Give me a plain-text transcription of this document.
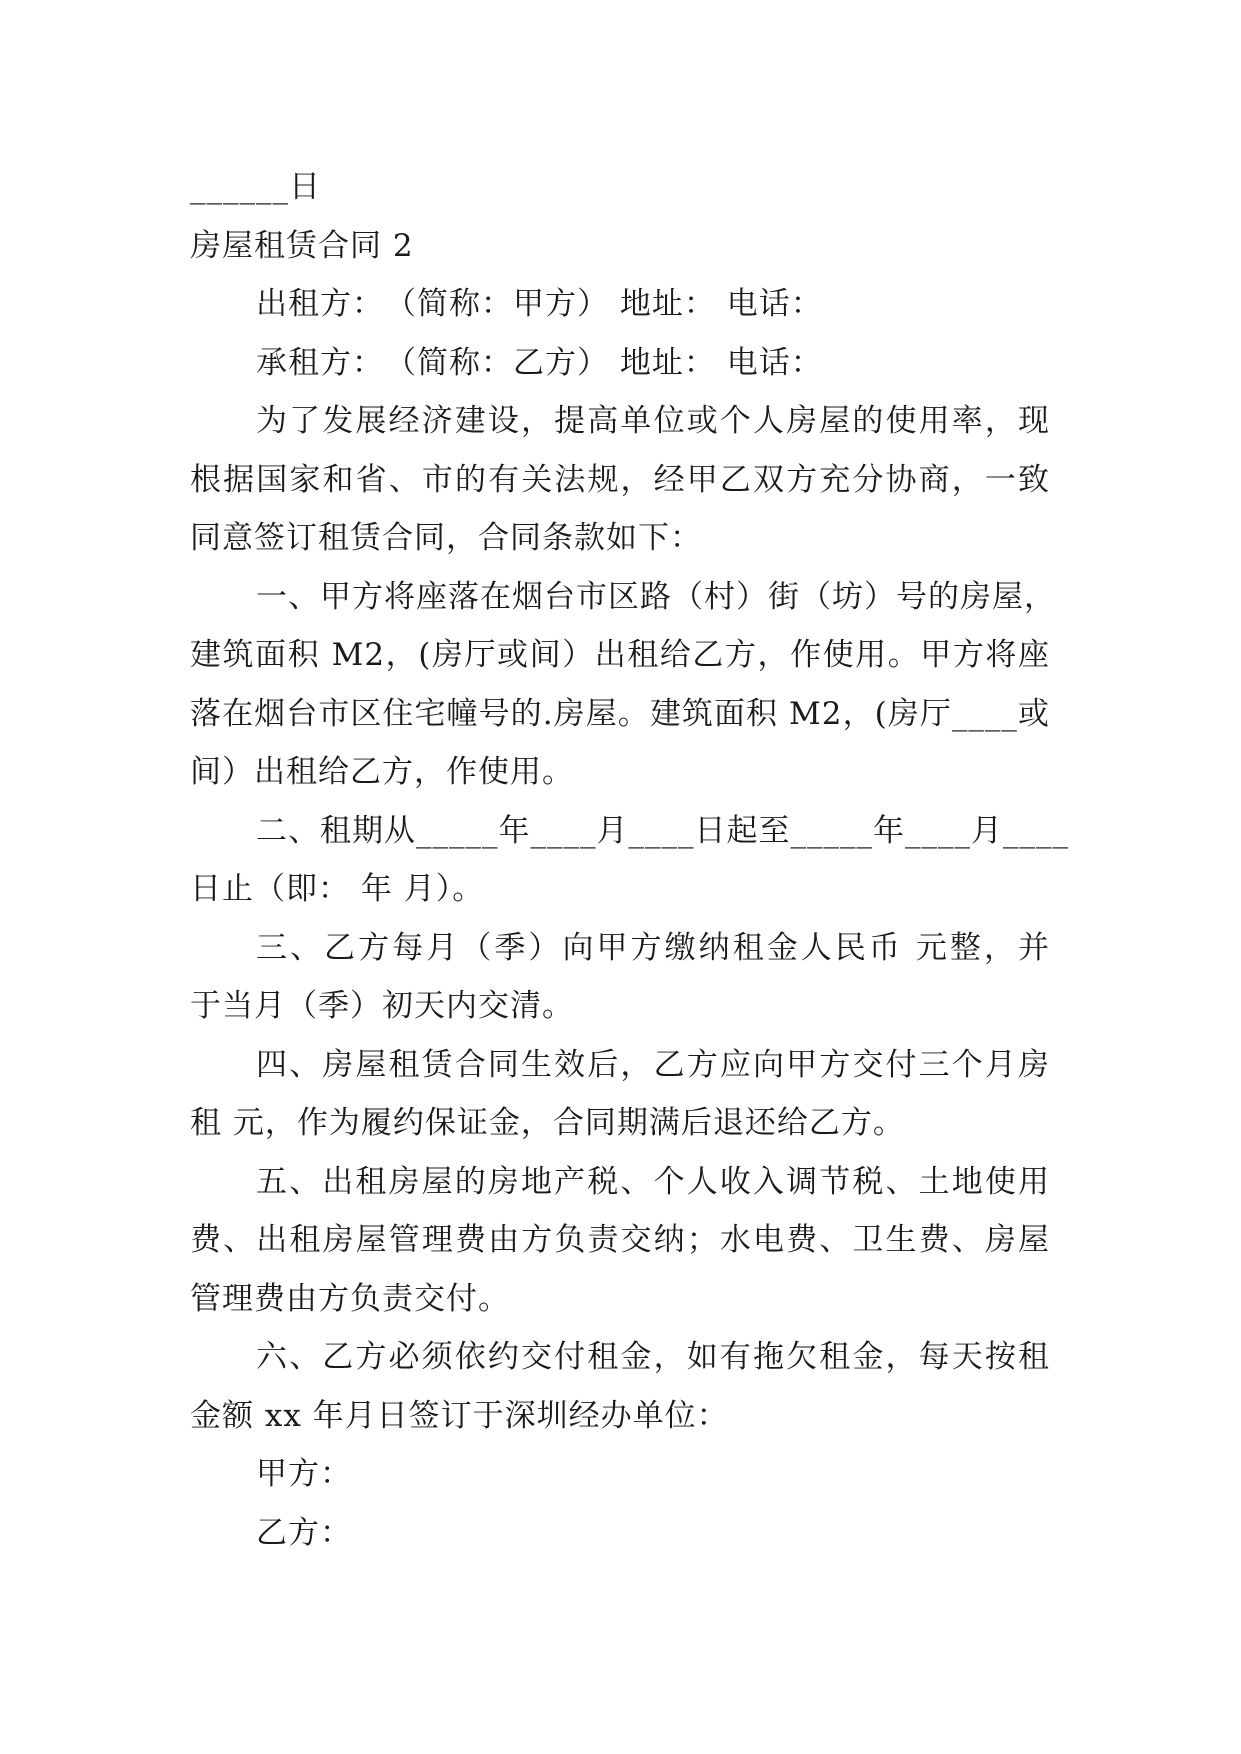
______日
房屋租赁合同 2
出租方：　（简称：甲方） 地址： 电话：
承租方：　（简称：乙方） 地址： 电话：
为了发展经济建设，提高单位或个人房屋的使用率，现
根据国家和省、市的有关法规，经甲乙双方充分协商，一致
同意签订租赁合同，合同条款如下：
一、甲方将座落在烟台市区路（村）街（坊）号的房屋，
建筑面积 M2，(房厅或间）出租给乙方，作使用。甲方将座
落在烟台市区住宅幢号的.房屋。建筑面积 M2，(房厅____或
间）出租给乙方，作使用。
二、租期从_____年____月____日起至_____年____月____
日止（即： 年 月）。
三、乙方每月（季）向甲方缴纳租金人民币 元整，并
于当月（季）初天内交清。
四、房屋租赁合同生效后，乙方应向甲方交付三个月房
租 元，作为履约保证金，合同期满后退还给乙方。
五、出租房屋的房地产税、个人收入调节税、土地使用
费、出租房屋管理费由方负责交纳；水电费、卫生费、房屋
管理费由方负责交付。
六、乙方必须依约交付租金，如有拖欠租金，每天按租
金额 xx 年月日签订于深圳经办单位：
甲方：
乙方：
